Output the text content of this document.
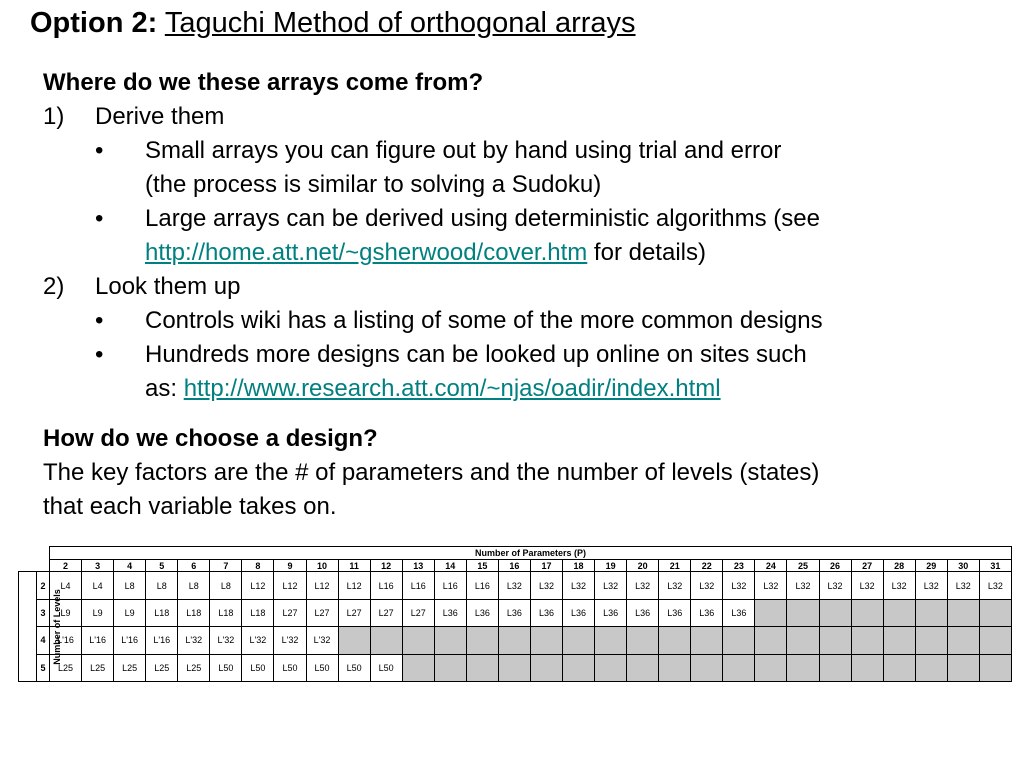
Option 2: Taguchi Method of orthogonal arrays
Where do we these arrays come from?
1) Derive them
• Small arrays you can figure out by hand using trial and error
(the process is similar to solving a Sudoku)
• Large arrays can be derived using deterministic algorithms (see
http://home.att.net/~gsherwood/cover.htm for details)
2) Look them up
• Controls wiki has a listing of some of the more common designs
• Hundreds more designs can be looked up online on sites such
as: http://www.research.att.com/~njas/oadir/index.html
How do we choose a design?
The key factors are the # of parameters and the number of levels (states)
that each variable takes on.
		Number of Parameters (P)																													
		2	3	4	5	6	7	8	9	10	11	12	13	14	15	16	17	18	19	20	21	22	23	24	25	26	27	28	29	30	31
Number of Levels	2	L4	L4	L8	L8	L8	L8	L12	L12	L12	L12	L16	L16	L16	L16	L32	L32	L32	L32	L32	L32	L32	L32	L32	L32	L32	L32	L32	L32	L32	L32
	3	L9	L9	L9	L18	L18	L18	L18	L27	L27	L27	L27	L27	L36	L36	L36	L36	L36	L36	L36	L36	L36	L36								
	4	L'16	L'16	L'16	L'16	L'32	L'32	L'32	L'32	L'32																					
	5	L25	L25	L25	L25	L25	L50	L50	L50	L50	L50	L50																			
